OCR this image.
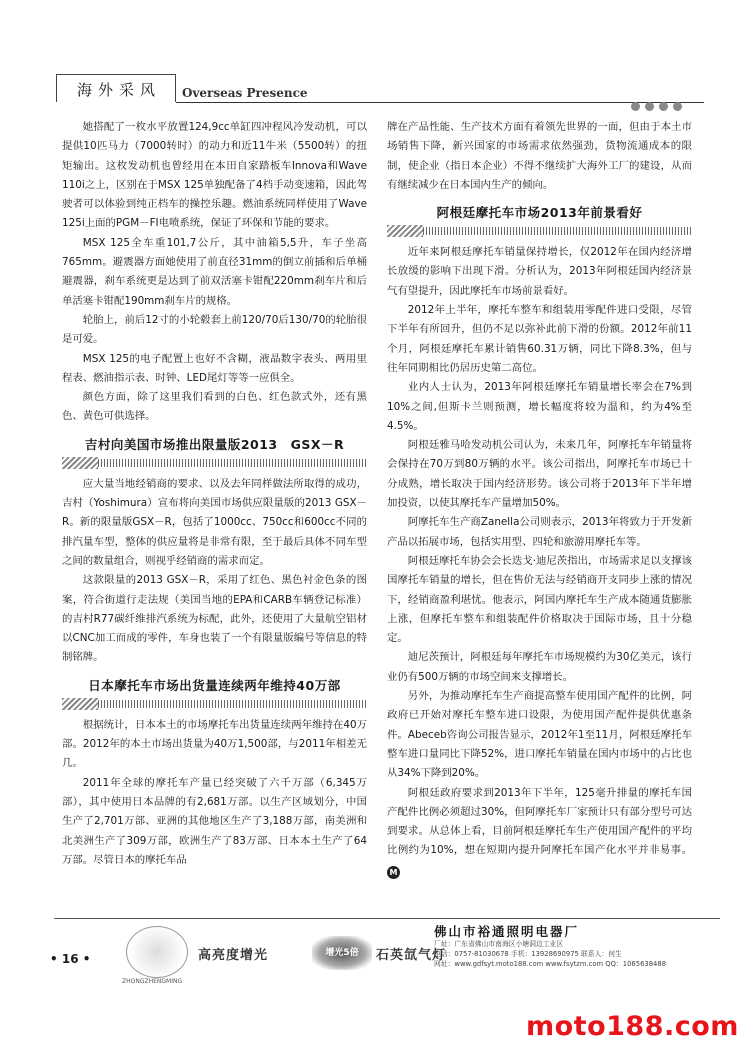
海外采风 Overseas Presence

她搭配了一枚水平放置124,9cc单缸四冲程风冷发动机，可以提供10匹马力（7000转时）的动力和近11牛米（5500转）的扭矩输出。这枚发动机也曾经用在本田自家踏板车Innova和Wave 110i之上，区别在于MSX 125单独配备了4档手动变速箱，因此驾驶者可以体验到纯正档车的操控乐趣。燃油系统同样使用了Wave 125i上面的PGM－FI电喷系统，保证了环保和节能的要求。

MSX 125全车重101,7公斤，其中油箱5,5升，车子坐高765mm。避震器方面她使用了前直径31mm的倒立前插和后单桶避震器，刹车系统更是达到了前双活塞卡钳配220mm刹车片和后单活塞卡钳配190mm刹车片的规格。

轮胎上，前后12寸的小轮毂套上前120/70后130/70的轮胎很是可爱。

MSX 125的电子配置上也好不含糊，液晶数字表头、两用里程表、燃油指示表、时钟、LED尾灯等等一应俱全。

颜色方面，除了这里我们看到的白色、红色款式外，还有黑色、黄色可供选择。

吉村向美国市场推出限量版2013　GSX－R

应大量当地经销商的要求、以及去年同样做法所取得的成功，吉村（Yoshimura）宣布将向美国市场供应限量版的2013 GSX－R。新的限量版GSX－R，包括了1000cc、750cc和600cc不同的排汽量车型，整体的供应量将是非常有限，至于最后具体不同车型之间的数量组合，则视乎经销商的需求而定。

这款限量的2013 GSX－R，采用了红色、黑色衬金色条的图案，符合街道行走法规（美国当地的EPA和CARB车辆登记标准）的吉村R77碳纤维排汽系统为标配，此外，还使用了大量航空铝材以CNC加工而成的零件，车身也装了一个有限量版编号等信息的特制铭牌。

日本摩托车市场出货量连续两年维持40万部

根据统计，日本本土的市场摩托车出货量连续两年维持在40万部。2012年的本土市场出货量为40万1,500部，与2011年相差无几。

2011年全球的摩托车产量已经突破了六千万部（6,345万部），其中使用日本品牌的有2,681万部。以生产区域划分，中国生产了2,701万部、亚洲的其他地区生产了3,188万部，南美洲和北美洲生产了309万部，欧洲生产了83万部、日本本土生产了64万部。尽管日本的摩托车品

牌在产品性能、生产技术方面有着领先世界的一面，但由于本土市场销售下降，新兴国家的市场需求依然强劲，货物流通成本的限制，使企业（指日本企业）不得不继续扩大海外工厂的建设，从而有继续减少在日本国内生产的倾向。

阿根廷摩托车市场2013年前景看好

近年来阿根廷摩托车销量保持增长，仅2012年在国内经济增长放缓的影响下出现下滑。分析认为，2013年阿根廷国内经济景气有望提升，因此摩托车市场前景看好。

2012年上半年，摩托车整车和组装用零配件进口受限，尽管下半年有所回升，但仍不足以弥补此前下滑的份额。2012年前11个月，阿根廷摩托车累计销售60.31万辆，同比下降8.3%，但与往年同期相比仍居历史第二高位。

业内人士认为，2013年阿根廷摩托车销量增长率会在7%到10%之间,但斯卡兰则预测，增长幅度将较为温和，约为4%至4.5%。

阿根廷雅马哈发动机公司认为，未来几年，阿摩托车年销量将会保持在70万到80万辆的水平。该公司指出，阿摩托车市场已十分成熟，增长取决于国内经济形势。该公司将于2013年下半年增加投资，以使其摩托车产量增加50%。

阿摩托车生产商Zanella公司则表示，2013年将致力于开发新产品以拓展市场，包括实用型、四轮和旅游用摩托车等。

阿根廷摩托车协会会长迭戈·迪尼茨指出，市场需求足以支撑该国摩托车销量的增长，但在售价无法与经销商开支同步上涨的情况下，经销商盈利堪忧。他表示，阿国内摩托车生产成本随通货膨胀上涨，但摩托车整车和组装配件价格取决于国际市场，且十分稳定。

迪尼茨预计，阿根廷每年摩托车市场规模约为30亿美元，该行业仍有500万辆的市场空间来支撑增长。

另外，为推动摩托车生产商提高整车使用国产配件的比例，阿政府已开始对摩托车整车进口设限，为使用国产配件提供优惠条件。Abeceb咨询公司报告显示，2012年1至11月，阿根廷摩托车整车进口量同比下降52%，进口摩托车销量在国内市场中的占比也从34%下降到20%。

阿根廷政府要求到2013年下半年，125毫升排量的摩托车国产配件比例必须超过30%，但阿摩托车厂家预计只有部分型号可达到要求。从总体上看，目前阿根廷摩托车生产使用国产配件的平均比例约为10%，想在短期内提升阿摩托车国产化水平并非易事。M

• 16 •
ZHONGZHENGMING
高亮度增光	增光5倍	石英氙气灯
佛山市裕通照明电器厂
厂址：广东省佛山市南海区小塘洞边工业区
电话：0757-81030678 手机：13928690975 联系人：何生
网址：www.gdfsyt.moto188.com www.fsytzm.com QQ：1065638488
moto188.com
